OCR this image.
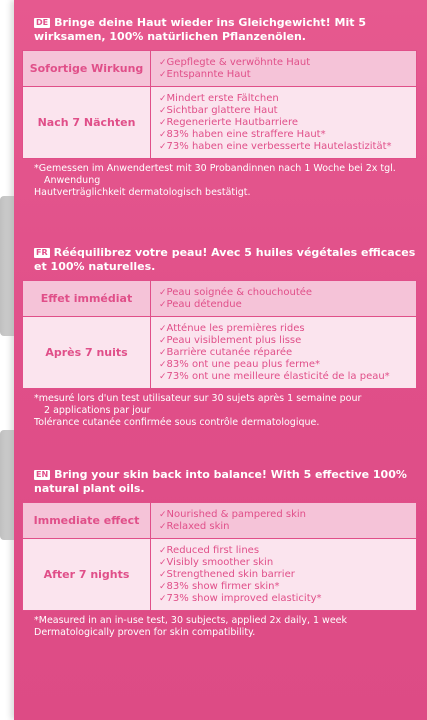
DE Bringe deine Haut wieder ins Gleichgewicht! Mit 5 wirksamen, 100% natürlichen Pflanzenölen.
Sofortige Wirkung	✓ Gepflegte & verwöhnte Haut
✓ Entspannte Haut

Nach 7 Nächten	✓ Mindert erste Fältchen
✓ Sichtbar glattere Haut
✓ Regenerierte Hautbarriere
✓ 83% haben eine straffere Haut*
✓ 73% haben eine verbesserte Hautelastizität*
*Gemessen im Anwendertest mit 30 Probandinnen nach 1 Woche bei 2x tgl.
Anwendung
Hautverträglichkeit dermatologisch bestätigt.
FR Rééquilibrez votre peau! Avec 5 huiles végétales efficaces et 100% naturelles.
Effet immédiat	✓ Peau soignée & chouchoutée
✓ Peau détendue

Après 7 nuits	✓ Atténue les premières rides
✓ Peau visiblement plus lisse
✓ Barrière cutanée réparée
✓ 83% ont une peau plus ferme*
✓ 73% ont une meilleure élasticité de la peau*
*mesuré lors d'un test utilisateur sur 30 sujets après 1 semaine pour
2 applications par jour
Tolérance cutanée confirmée sous contrôle dermatologique.
EN Bring your skin back into balance! With 5 effective 100% natural plant oils.
Immediate effect	✓ Nourished & pampered skin
✓ Relaxed skin

After 7 nights	✓ Reduced first lines
✓ Visibly smoother skin
✓ Strengthened skin barrier
✓ 83% show firmer skin*
✓ 73% show improved elasticity*
*Measured in an in-use test, 30 subjects, applied 2x daily, 1 week
Dermatologically proven for skin compatibility.
